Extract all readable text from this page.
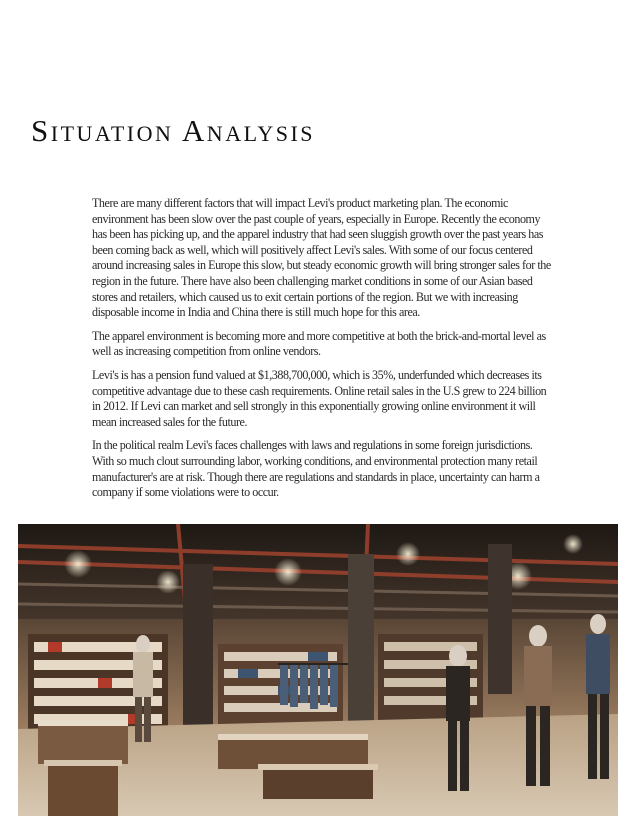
Situation Analysis

There are many different factors that will impact Levi's product marketing plan. The economic environment has been slow over the past couple of years, especially in Europe. Recently the economy has been has picking up, and the apparel industry that had seen sluggish growth over the past years has been coming back as well, which will positively affect Levi's sales. With some of our focus centered around increasing sales in Europe this slow, but steady economic growth will bring stronger sales for the region in the future. There have also been challenging market conditions in some of our Asian based stores and retailers, which caused us to exit certain portions of the region. But we with increasing disposable income in India and China there is still much hope for this area.

The apparel environment is becoming more and more competitive at both the brick-and-mortal level as well as increasing competition from online vendors.

Levi's is has a pension fund valued at $1,388,700,000, which is 35%, underfunded which decreases its competitive advantage due to these cash requirements. Online retail sales in the U.S grew to 224 billion in 2012. If Levi can market and sell strongly in this exponentially growing online environment it will mean increased sales for the future.

In the political realm Levi's faces challenges with laws and regulations in some foreign jurisdictions. With so much clout surrounding labor, working conditions, and environmental protection many retail manufacturer's are at risk. Though there are regulations and standards in place, uncertainty can harm a company if some violations were to occur.
